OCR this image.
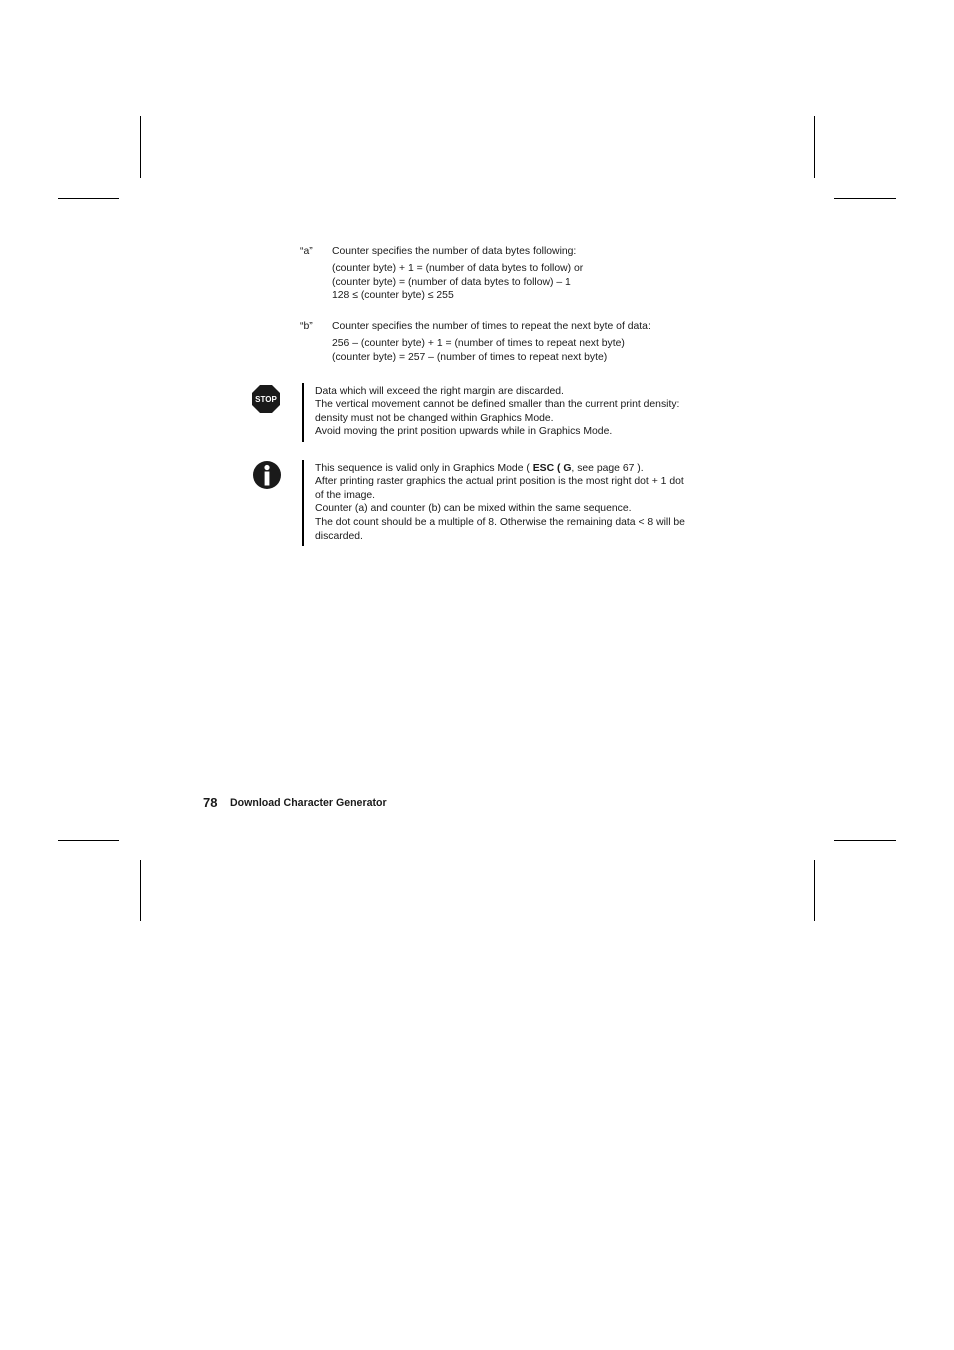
“a” Counter specifies the number of data bytes following:
(counter byte) + 1 = (number of data bytes to follow) or
(counter byte) = (number of data bytes to follow) – 1
128 ≤ (counter byte) ≤ 255
“b” Counter specifies the number of times to repeat the next byte of data:
256 – (counter byte) + 1 = (number of times to repeat next byte)
(counter byte) = 257 – (number of times to repeat next byte)
STOP
Data which will exceed the right margin are discarded.
The vertical movement cannot be defined smaller than the current print density:
density must not be changed within Graphics Mode.
Avoid moving the print position upwards while in Graphics Mode.
This sequence is valid only in Graphics Mode ( ESC ( G, see page 67 ).
After printing raster graphics the actual print position is the most right dot + 1 dot
of the image.
Counter (a) and counter (b) can be mixed within the same sequence.
The dot count should be a multiple of 8. Otherwise the remaining data < 8 will be
discarded.
78 Download Character Generator
